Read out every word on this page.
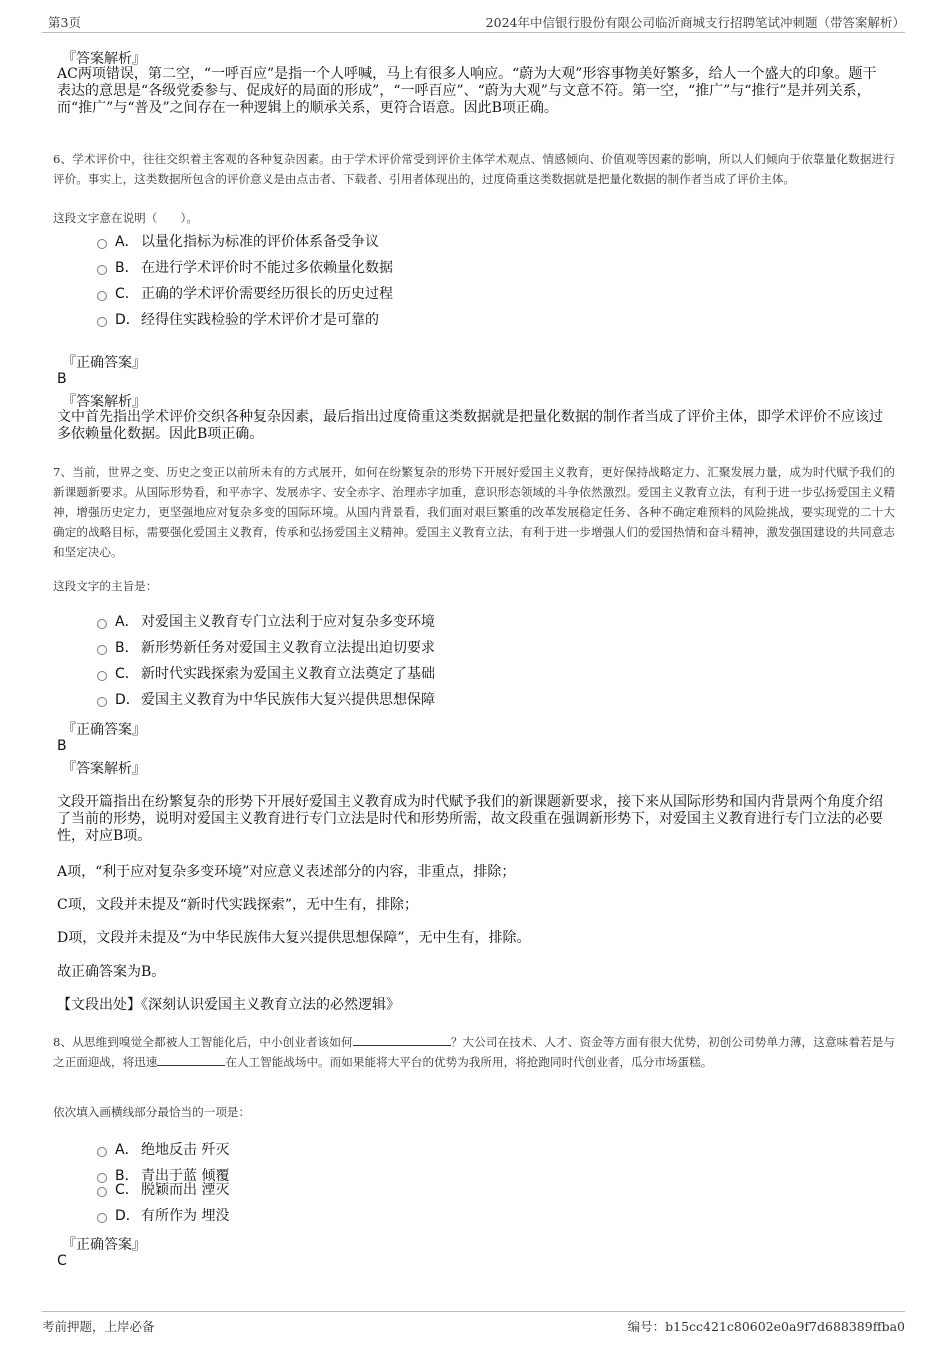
第3页	2024年中信银行股份有限公司临沂商城支行招聘笔试冲刺题（带答案解析）
『答案解析』
AC两项错误，第二空，“一呼百应”是指一个人呼喊，马上有很多人响应。“蔚为大观”形容事物美好繁多，给人一个盛大的印象。题干表达的意思是“各级党委参与、促成好的局面的形成”，“一呼百应”、“蔚为大观”与文意不符。第一空，“推广”与“推行”是并列关系，而“推广”与“普及”之间存在一种逻辑上的顺承关系，更符合语意。因此B项正确。
6、学术评价中，往往交织着主客观的各种复杂因素。由于学术评价常受到评价主体学术观点、情感倾向、价值观等因素的影响，所以人们倾向于依靠量化数据进行评价。事实上，这类数据所包含的评价意义是由点击者、下载者、引用者体现出的，过度倚重这类数据就是把量化数据的制作者当成了评价主体。
这段文字意在说明（　　）。
A． 以量化指标为标准的评价体系备受争议
B． 在进行学术评价时不能过多依赖量化数据
C． 正确的学术评价需要经历很长的历史过程
D．经得住实践检验的学术评价才是可靠的
『正确答案』
B
『答案解析』
文中首先指出学术评价交织各种复杂因素，最后指出过度倚重这类数据就是把量化数据的制作者当成了评价主体，即学术评价不应该过多依赖量化数据。因此B项正确。
7、当前，世界之变、历史之变正以前所未有的方式展开，如何在纷繁复杂的形势下开展好爱国主义教育，更好保持战略定力、汇聚发展力量，成为时代赋予我们的新课题新要求。从国际形势看，和平赤字、发展赤字、安全赤字、治理赤字加重，意识形态领域的斗争依然激烈。爱国主义教育立法，有利于进一步弘扬爱国主义精神，增强历史定力，更坚强地应对复杂多变的国际环境。从国内背景看，我们面对艰巨繁重的改革发展稳定任务、各种不确定难预料的风险挑战，要实现党的二十大确定的战略目标，需要强化爱国主义教育，传承和弘扬爱国主义精神。爱国主义教育立法，有利于进一步增强人们的爱国热情和奋斗精神，激发强国建设的共同意志和坚定决心。
这段文字的主旨是：
A． 对爱国主义教育专门立法利于应对复杂多变环境
B． 新形势新任务对爱国主义教育立法提出迫切要求
C． 新时代实践探索为爱国主义教育立法奠定了基础
D．爱国主义教育为中华民族伟大复兴提供思想保障
『正确答案』
B
『答案解析』
文段开篇指出在纷繁复杂的形势下开展好爱国主义教育成为时代赋予我们的新课题新要求，接下来从国际形势和国内背景两个角度介绍了当前的形势，说明对爱国主义教育进行专门立法是时代和形势所需，故文段重在强调新形势下，对爱国主义教育进行专门立法的必要性，对应B项。
A项，“利于应对复杂多变环境”对应意义表述部分的内容，非重点，排除；
C项，文段并未提及“新时代实践探索”，无中生有，排除；
D项，文段并未提及“为中华民族伟大复兴提供思想保障”，无中生有，排除。
故正确答案为B。
【文段出处】《深刻认识爱国主义教育立法的必然逻辑》
8、从思维到嗅觉全都被人工智能化后，中小创业者该如何	？大公司在技术、人才、资金等方面有很大优势，初创公司势单力薄，这意味着若是与之正面迎战，将迅速	在人工智能战场中。而如果能将大平台的优势为我所用，将抢跑同时代创业者，瓜分市场蛋糕。
依次填入画横线部分最恰当的一项是：
A． 绝地反击 歼灭
B． 青出于蓝 倾覆
C． 脱颖而出 湮灭
D．有所作为 埋没
『正确答案』
C
考前押题，上岸必备	编号：b15cc421c80602e0a9f7d688389ffba0
